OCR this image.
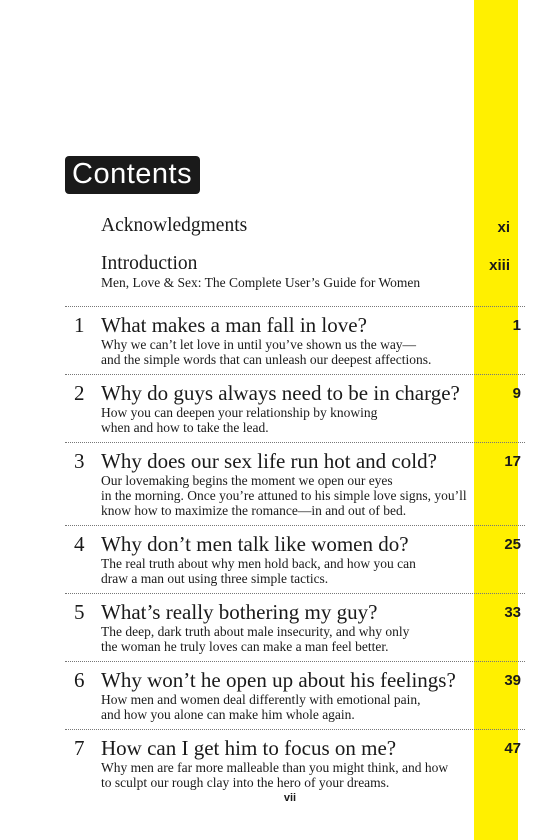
Contents
Acknowledgments	xi
Introduction
Men, Love & Sex: The Complete User’s Guide for Women
xiii
1 What makes a man fall in love?
Why we can’t let love in until you’ve shown us the way—
and the simple words that can unleash our deepest affections.
1
2 Why do guys always need to be in charge?
How you can deepen your relationship by knowing
when and how to take the lead.
9
3 Why does our sex life run hot and cold?
Our lovemaking begins the moment we open our eyes
in the morning. Once you’re attuned to his simple love signs, you’ll
know how to maximize the romance—in and out of bed.
17
4 Why don’t men talk like women do?
The real truth about why men hold back, and how you can
draw a man out using three simple tactics.
25
5 What’s really bothering my guy?
The deep, dark truth about male insecurity, and why only
the woman he truly loves can make a man feel better.
33
6 Why won’t he open up about his feelings?
How men and women deal differently with emotional pain,
and how you alone can make him whole again.
39
7 How can I get him to focus on me?
Why men are far more malleable than you might think, and how
to sculpt our rough clay into the hero of your dreams.
47
vii
